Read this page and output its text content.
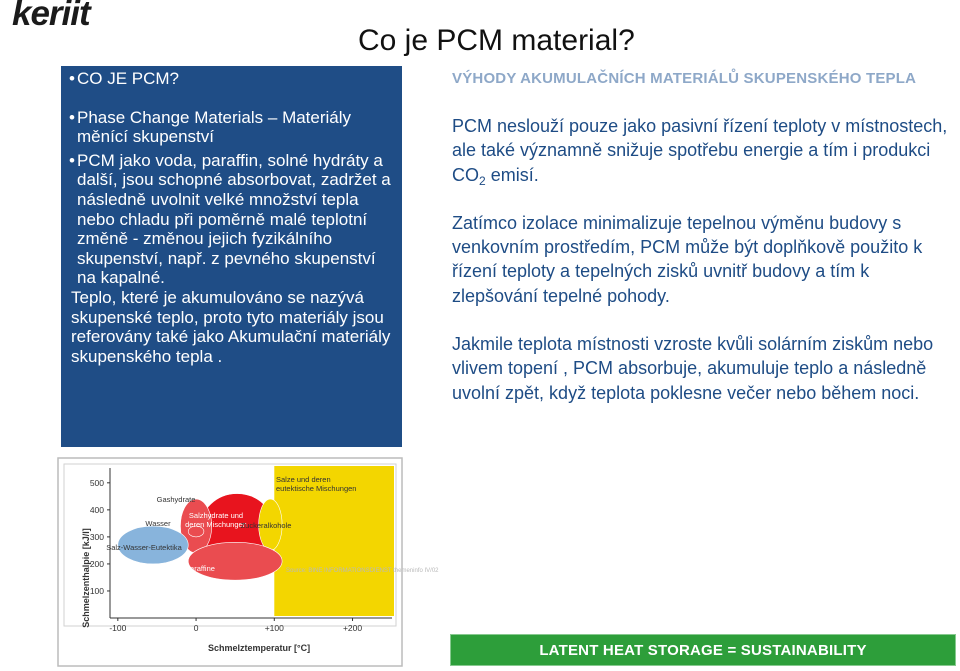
keriit
Co je PCM material?

• CO JE PCM?

• Phase Change Materials – Materiály měnící skupenství

• PCM jako voda, paraffin, solné hydráty a další, jsou schopné absorbovat, zadržet a následně uvolnit velké množství tepla nebo chladu při poměrně malé teplotní změně - změnou jejich fyzikálního skupenství, např. z pevného skupenství na kapalné.

Teplo, které je akumulováno se nazývá skupenské teplo, proto tyto materiály jsou referovány také jako Akumulační materiály skupenského tepla .

VÝHODY AKUMULAČNÍCH MATERIÁLŮ SKUPENSKÉHO TEPLA

PCM neslouží pouze jako pasivní řízení teploty v místnostech, ale také významně snižuje spotřebu energie a tím i produkci $CO_2$ emisí.

Zatímco izolace minimalizuje tepelnou výměnu budovy s venkovním prostředím, PCM může být doplňkově použito k řízení teploty a tepelných zisků uvnitř budovy a tím k zlepšování tepelné pohody.

Jakmile teplota místnosti vzroste kvůli solárním ziskům nebo vlivem topení , PCM absorbuje, akumuluje teplo a následně uvolní zpět, když teplota poklesne večer nebo během noci.

Salze und deren eutektische Mischungen
Salzhydrate und deren Mischungen
Zuckeralkohole
Gashydrate
Paraffine
Wasser
Salz-Wasser-Eutektika
100
200
300
400
500
-100	0	+100	+200
Schmelzenthalpie [kJ/l]
Schmelztemperatur [°C]
Source: BINE INFORMATIONSDIENST themeninfo IV/02
LATENT HEAT STORAGE = SUSTAINABILITY
